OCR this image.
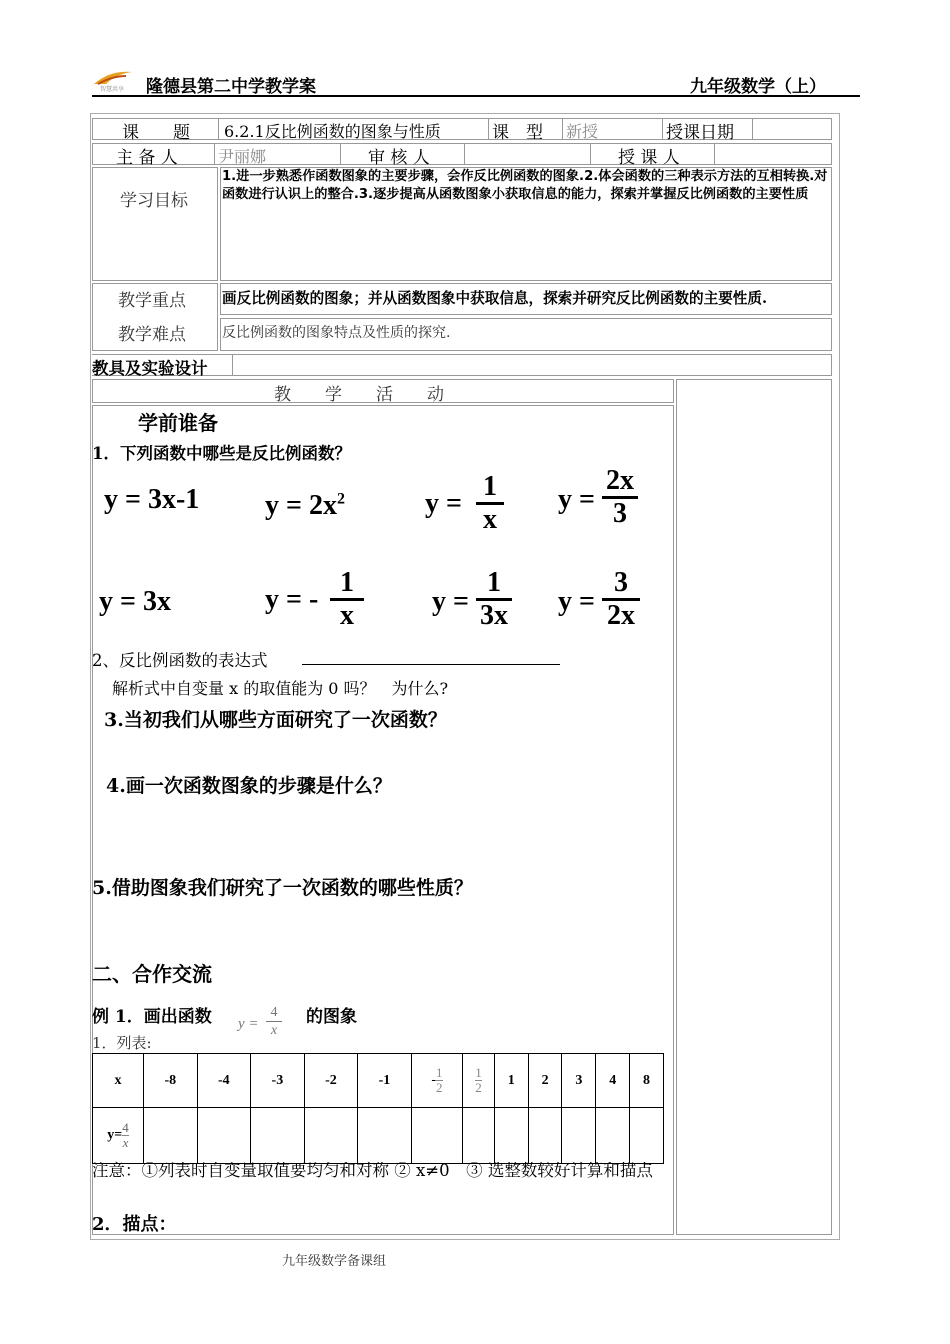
智慧共享 隆德县第二中学教学案	九年级数学（上）
课　　题 6.2.1反比例函数的图象与性质	课　型 新授	授课日期
主 备 人	尹丽娜	审 核 人	授 课 人
学习目标
1.进一步熟悉作函数图象的主要步骤，会作反比例函数的图象.2.体会函数的三种表示方法的互相转换.对函数进行认识上的整合.3.逐步提高从函数图象小获取信息的能力，探索并掌握反比例函数的主要性质
教学重点 画反比例函数的图象；并从函数图象中获取信息，探索并研究反比例函数的主要性质.
教学难点	反比例函数的图象特点及性质的探究.
教具及实验设计
教　　学　　活　　动
学前谁备
1．下列函数中哪些是反比例函数？
y = 3x-1 $y = 2x^2$	y =
1
x
y =
2x
3
y = 3x	y = -
1
x	y =
1
3x y =
3
2x
2、反比例函数的表达式
解析式中自变量 x 的取值能为 0 吗？　为什么?
3.当初我们从哪些方面研究了一次函数？
4.画一次函数图象的步骤是什么？
5.借助图象我们研究了一次函数的哪些性质？
二、合作交流
例 1．画出函数 y =
4
x
的图象
1．列表:
x	-8	-4	-3	-2	-1	- $\frac{1}{2}$	$\frac{1}{2}$	1	2	3	4	8
$y= \frac{4}{x}$

注意：①列表时自变量取值要均匀和对称 ② x≠0　③ 选整数较好计算和描点
2．描点：
九年级数学备课组
